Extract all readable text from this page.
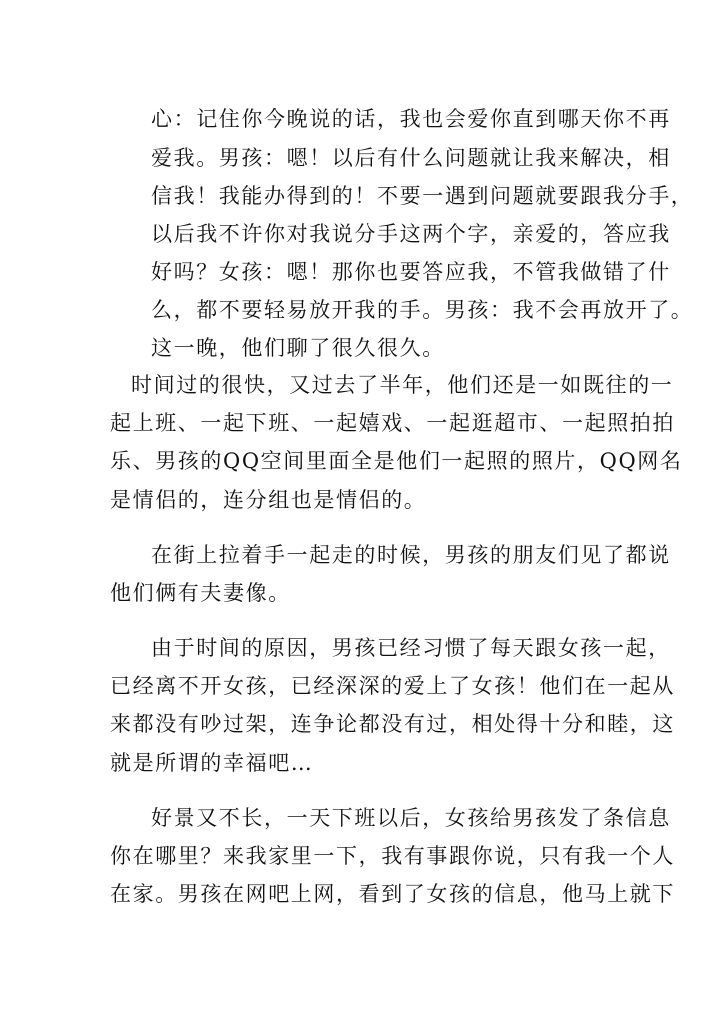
心：记住你今晚说的话，我也会爱你直到哪天你不再

爱我。男孩：嗯！以后有什么问题就让我来解决，相

信我！我能办得到的！不要一遇到问题就要跟我分手，

以后我不许你对我说分手这两个字，亲爱的，答应我

好吗？女孩：嗯！那你也要答应我，不管我做错了什

么，都不要轻易放开我的手。男孩：我不会再放开了。

这一晚，他们聊了很久很久。

时间过的很快，又过去了半年，他们还是一如既往的一

起上班、一起下班、一起嬉戏、一起逛超市、一起照拍拍

乐、男孩的QQ空间里面全是他们一起照的照片，QQ网名

是情侣的，连分组也是情侣的。

在街上拉着手一起走的时候，男孩的朋友们见了都说

他们俩有夫妻像。

由于时间的原因，男孩已经习惯了每天跟女孩一起，

已经离不开女孩，已经深深的爱上了女孩！他们在一起从

来都没有吵过架，连争论都没有过，相处得十分和睦，这

就是所谓的幸福吧…

好景又不长，一天下班以后，女孩给男孩发了条信息

你在哪里？来我家里一下，我有事跟你说，只有我一个人

在家。男孩在网吧上网，看到了女孩的信息，他马上就下
